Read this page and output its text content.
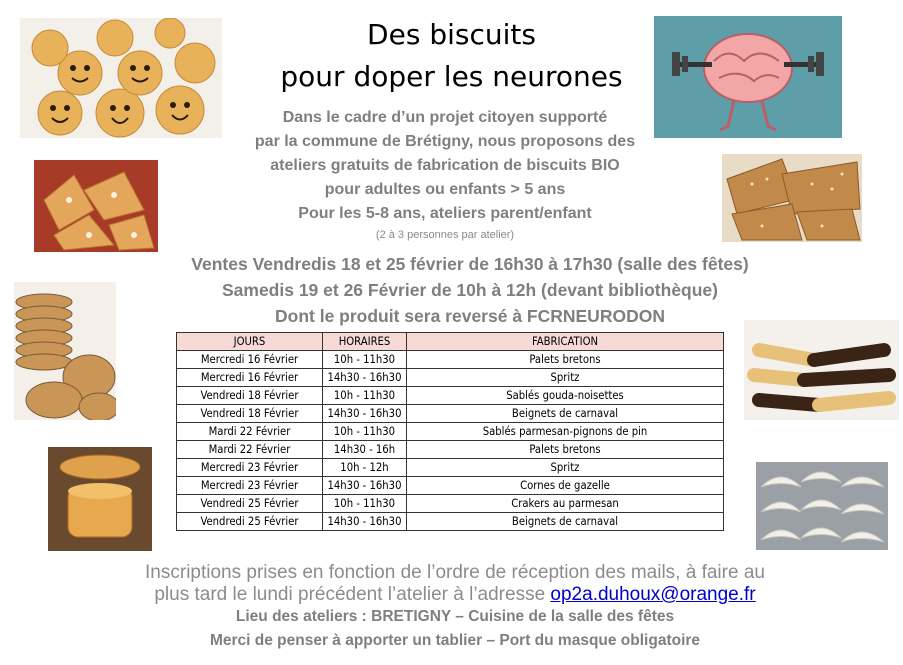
Des biscuits
pour doper les neurones
Dans le cadre d’un projet citoyen supporté
par la commune de Brétigny, nous proposons des
ateliers gratuits de fabrication de biscuits BIO
pour adultes ou enfants > 5 ans
Pour les 5-8 ans, ateliers parent/enfant
(2 à 3 personnes par atelier)
Ventes Vendredis 18 et 25 février de 16h30 à 17h30 (salle des fêtes)
Samedis 19 et 26 Février de 10h à 12h (devant bibliothèque)
Dont le produit sera reversé à FCRNEURODON
JOURS	HORAIRES	FABRICATION
Mercredi 16 Février	10h - 11h30	Palets bretons
Mercredi 16 Février	14h30 - 16h30	Spritz
Vendredi 18 Février	10h - 11h30	Sablés gouda-noisettes
Vendredi 18 Février	14h30 - 16h30	Beignets de carnaval
Mardi 22 Février	10h - 11h30	Sablés parmesan-pignons de pin
Mardi 22 Février	14h30 - 16h	Palets bretons
Mercredi 23 Février	10h - 12h	Spritz
Mercredi 23 Février	14h30 - 16h30	Cornes de gazelle
Vendredi 25 Février	10h - 11h30	Crakers au parmesan
Vendredi 25 Février	14h30 - 16h30	Beignets de carnaval
Inscriptions prises en fonction de l’ordre de réception des mails, à faire au
plus tard le lundi précédent l’atelier à l’adresse op2a.duhoux@orange.fr
Lieu des ateliers : BRETIGNY – Cuisine de la salle des fêtes
Merci de penser à apporter un tablier – Port du masque obligatoire
